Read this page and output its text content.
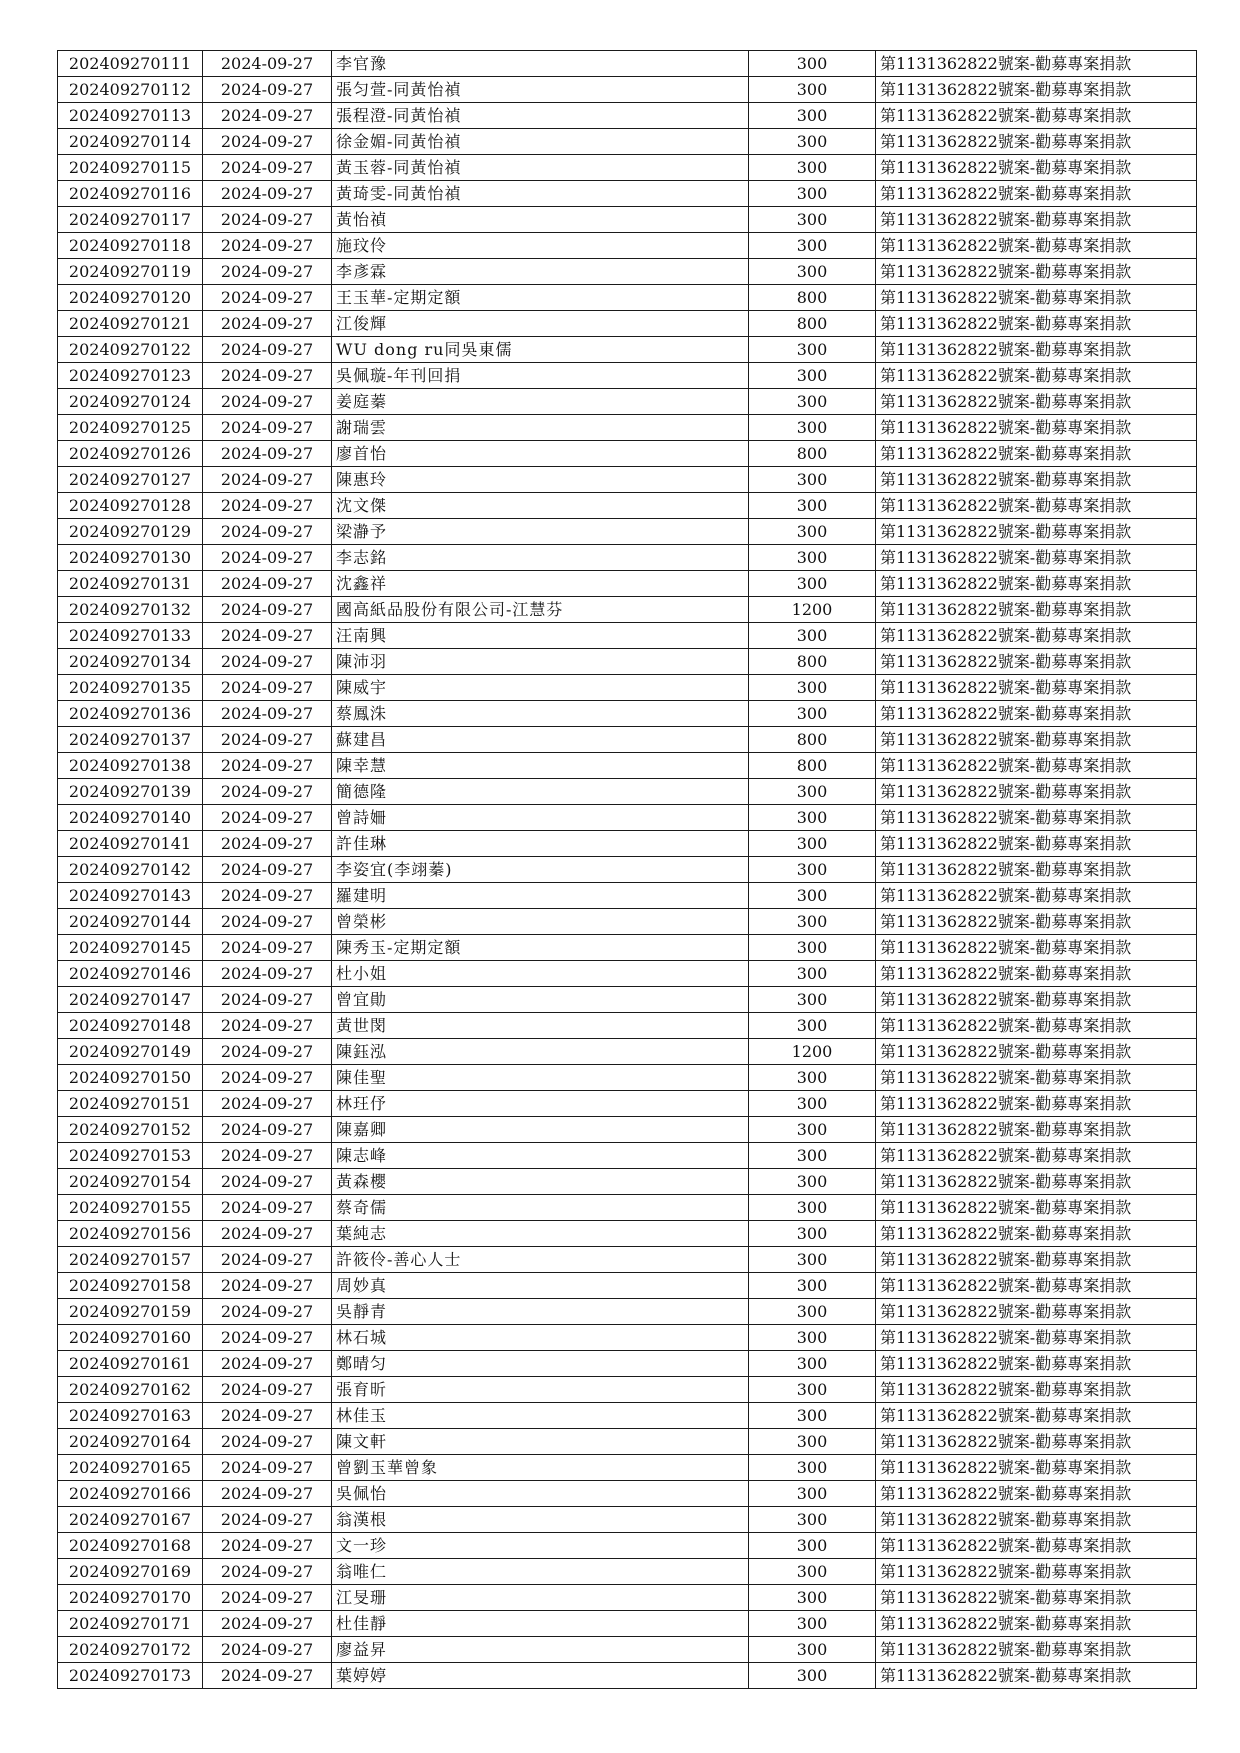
202409270111	2024-09-27	李官豫	300	第1131362822號案-勸募專案捐款
202409270112	2024-09-27	張匀萱-同黃怡禎	300	第1131362822號案-勸募專案捐款
202409270113	2024-09-27	張程澄-同黃怡禎	300	第1131362822號案-勸募專案捐款
202409270114	2024-09-27	徐金媚-同黃怡禎	300	第1131362822號案-勸募專案捐款
202409270115	2024-09-27	黃玉蓉-同黃怡禎	300	第1131362822號案-勸募專案捐款
202409270116	2024-09-27	黃琦雯-同黃怡禎	300	第1131362822號案-勸募專案捐款
202409270117	2024-09-27	黃怡禎	300	第1131362822號案-勸募專案捐款
202409270118	2024-09-27	施玟伶	300	第1131362822號案-勸募專案捐款
202409270119	2024-09-27	李彥霖	300	第1131362822號案-勸募專案捐款
202409270120	2024-09-27	王玉華-定期定額	800	第1131362822號案-勸募專案捐款
202409270121	2024-09-27	江俊輝	800	第1131362822號案-勸募專案捐款
202409270122	2024-09-27	WU dong ru同吳東儒	300	第1131362822號案-勸募專案捐款
202409270123	2024-09-27	吳佩璇-年刊回捐	300	第1131362822號案-勸募專案捐款
202409270124	2024-09-27	姜庭蓁	300	第1131362822號案-勸募專案捐款
202409270125	2024-09-27	謝瑞雲	300	第1131362822號案-勸募專案捐款
202409270126	2024-09-27	廖首怡	800	第1131362822號案-勸募專案捐款
202409270127	2024-09-27	陳惠玲	300	第1131362822號案-勸募專案捐款
202409270128	2024-09-27	沈文傑	300	第1131362822號案-勸募專案捐款
202409270129	2024-09-27	梁瀞予	300	第1131362822號案-勸募專案捐款
202409270130	2024-09-27	李志銘	300	第1131362822號案-勸募專案捐款
202409270131	2024-09-27	沈鑫祥	300	第1131362822號案-勸募專案捐款
202409270132	2024-09-27	國高紙品股份有限公司-江慧芬	1200	第1131362822號案-勸募專案捐款
202409270133	2024-09-27	汪南興	300	第1131362822號案-勸募專案捐款
202409270134	2024-09-27	陳沛羽	800	第1131362822號案-勸募專案捐款
202409270135	2024-09-27	陳威宇	300	第1131362822號案-勸募專案捐款
202409270136	2024-09-27	蔡鳳洙	300	第1131362822號案-勸募專案捐款
202409270137	2024-09-27	蘇建昌	800	第1131362822號案-勸募專案捐款
202409270138	2024-09-27	陳幸慧	800	第1131362822號案-勸募專案捐款
202409270139	2024-09-27	簡德隆	300	第1131362822號案-勸募專案捐款
202409270140	2024-09-27	曾詩姍	300	第1131362822號案-勸募專案捐款
202409270141	2024-09-27	許佳琳	300	第1131362822號案-勸募專案捐款
202409270142	2024-09-27	李姿宜(李翊蓁)	300	第1131362822號案-勸募專案捐款
202409270143	2024-09-27	羅建明	300	第1131362822號案-勸募專案捐款
202409270144	2024-09-27	曾榮彬	300	第1131362822號案-勸募專案捐款
202409270145	2024-09-27	陳秀玉-定期定額	300	第1131362822號案-勸募專案捐款
202409270146	2024-09-27	杜小姐	300	第1131362822號案-勸募專案捐款
202409270147	2024-09-27	曾宜勛	300	第1131362822號案-勸募專案捐款
202409270148	2024-09-27	黃世閔	300	第1131362822號案-勸募專案捐款
202409270149	2024-09-27	陳鈺泓	1200	第1131362822號案-勸募專案捐款
202409270150	2024-09-27	陳佳聖	300	第1131362822號案-勸募專案捐款
202409270151	2024-09-27	林玨伃	300	第1131362822號案-勸募專案捐款
202409270152	2024-09-27	陳嘉卿	300	第1131362822號案-勸募專案捐款
202409270153	2024-09-27	陳志峰	300	第1131362822號案-勸募專案捐款
202409270154	2024-09-27	黃森櫻	300	第1131362822號案-勸募專案捐款
202409270155	2024-09-27	蔡奇儒	300	第1131362822號案-勸募專案捐款
202409270156	2024-09-27	葉純志	300	第1131362822號案-勸募專案捐款
202409270157	2024-09-27	許筱伶-善心人士	300	第1131362822號案-勸募專案捐款
202409270158	2024-09-27	周妙真	300	第1131362822號案-勸募專案捐款
202409270159	2024-09-27	吳靜青	300	第1131362822號案-勸募專案捐款
202409270160	2024-09-27	林石城	300	第1131362822號案-勸募專案捐款
202409270161	2024-09-27	鄭晴匀	300	第1131362822號案-勸募專案捐款
202409270162	2024-09-27	張育昕	300	第1131362822號案-勸募專案捐款
202409270163	2024-09-27	林佳玉	300	第1131362822號案-勸募專案捐款
202409270164	2024-09-27	陳文軒	300	第1131362822號案-勸募專案捐款
202409270165	2024-09-27	曾劉玉華曾象	300	第1131362822號案-勸募專案捐款
202409270166	2024-09-27	吳佩怡	300	第1131362822號案-勸募專案捐款
202409270167	2024-09-27	翁漢根	300	第1131362822號案-勸募專案捐款
202409270168	2024-09-27	文一珍	300	第1131362822號案-勸募專案捐款
202409270169	2024-09-27	翁唯仁	300	第1131362822號案-勸募專案捐款
202409270170	2024-09-27	江旻珊	300	第1131362822號案-勸募專案捐款
202409270171	2024-09-27	杜佳靜	300	第1131362822號案-勸募專案捐款
202409270172	2024-09-27	廖益昇	300	第1131362822號案-勸募專案捐款
202409270173	2024-09-27	葉婷婷	300	第1131362822號案-勸募專案捐款
